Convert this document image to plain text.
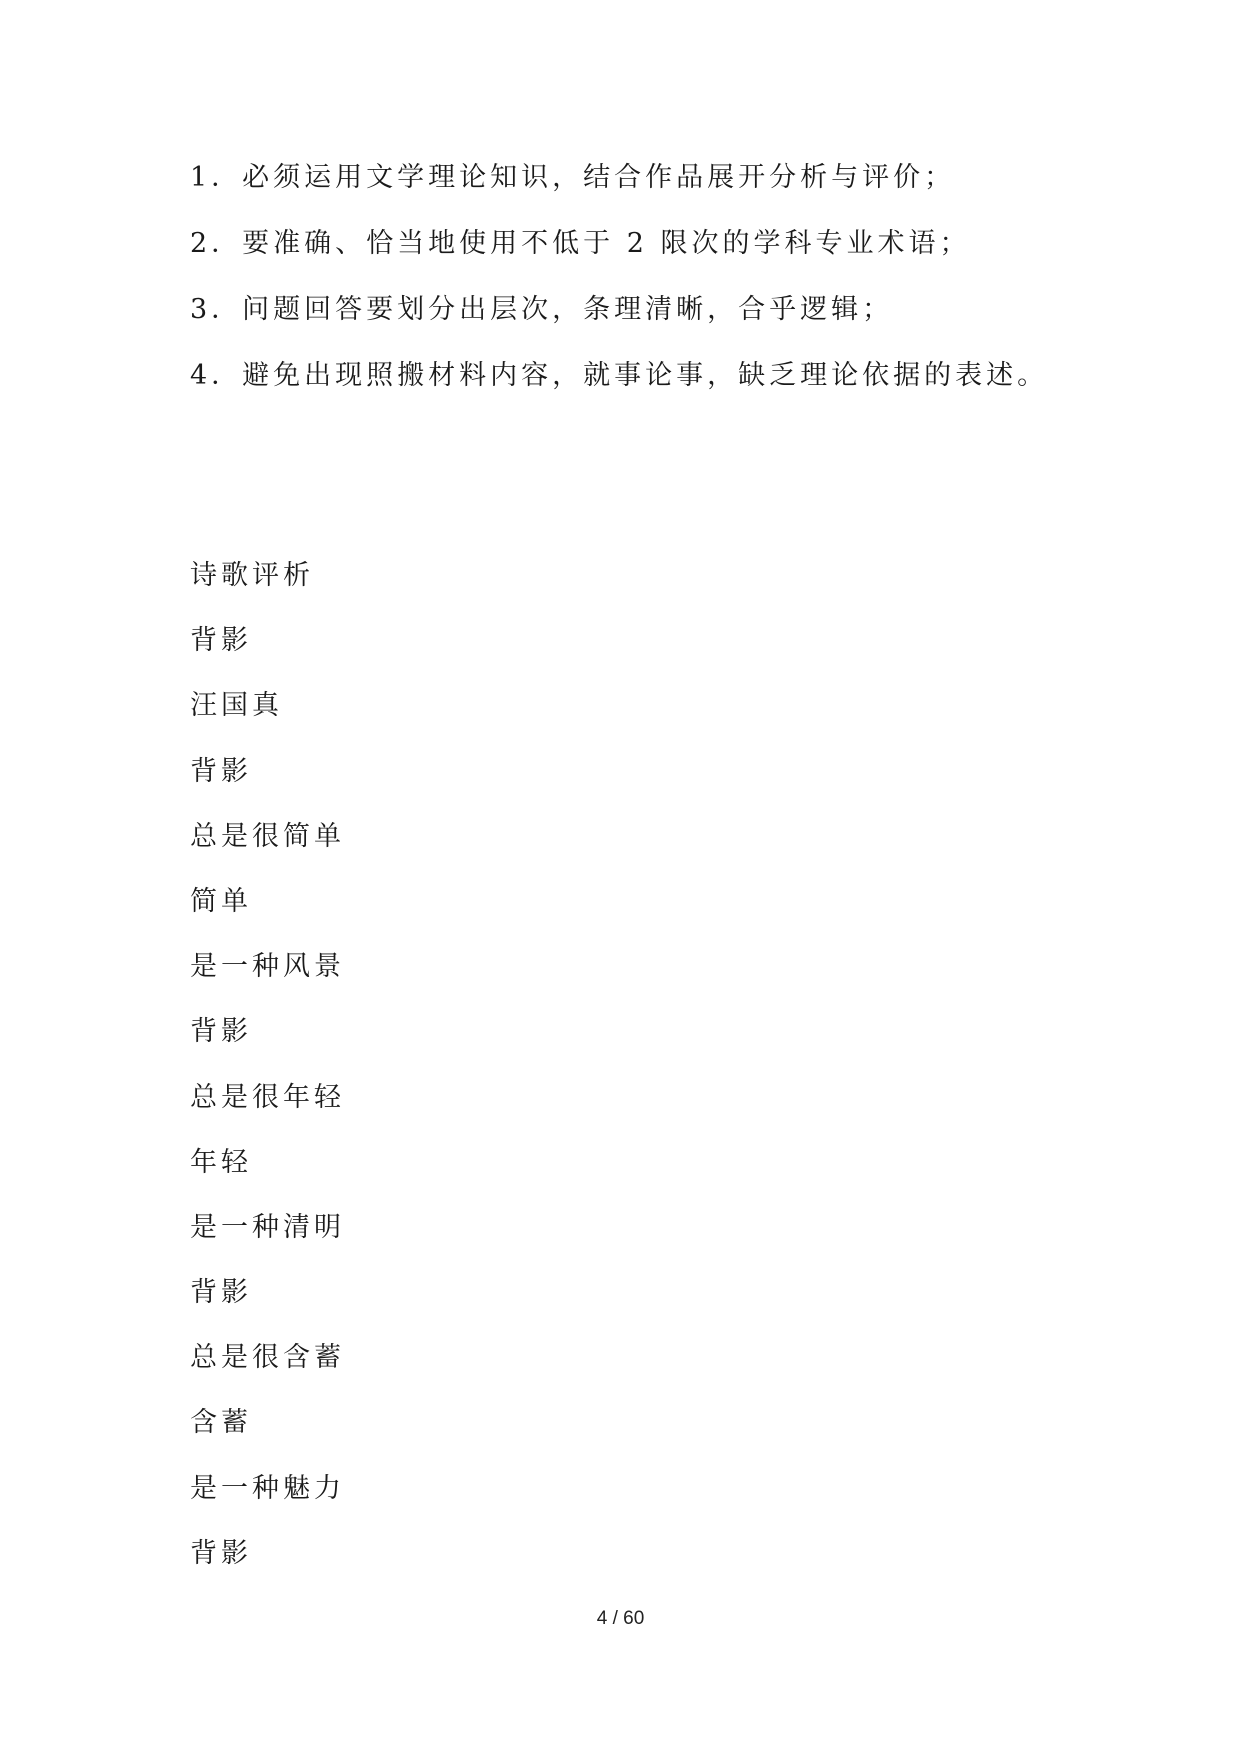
1．必须运用文学理论知识，结合作品展开分析与评价；
2．要准确、恰当地使用不低于 2 限次的学科专业术语；
3．问题回答要划分出层次，条理清晰，合乎逻辑；
4．避免出现照搬材料内容，就事论事，缺乏理论依据的表述。
诗歌评析
背影
汪国真
背影
总是很简单
简单
是一种风景
背影
总是很年轻
年轻
是一种清明
背影
总是很含蓄
含蓄
是一种魅力
背影
4 / 60
